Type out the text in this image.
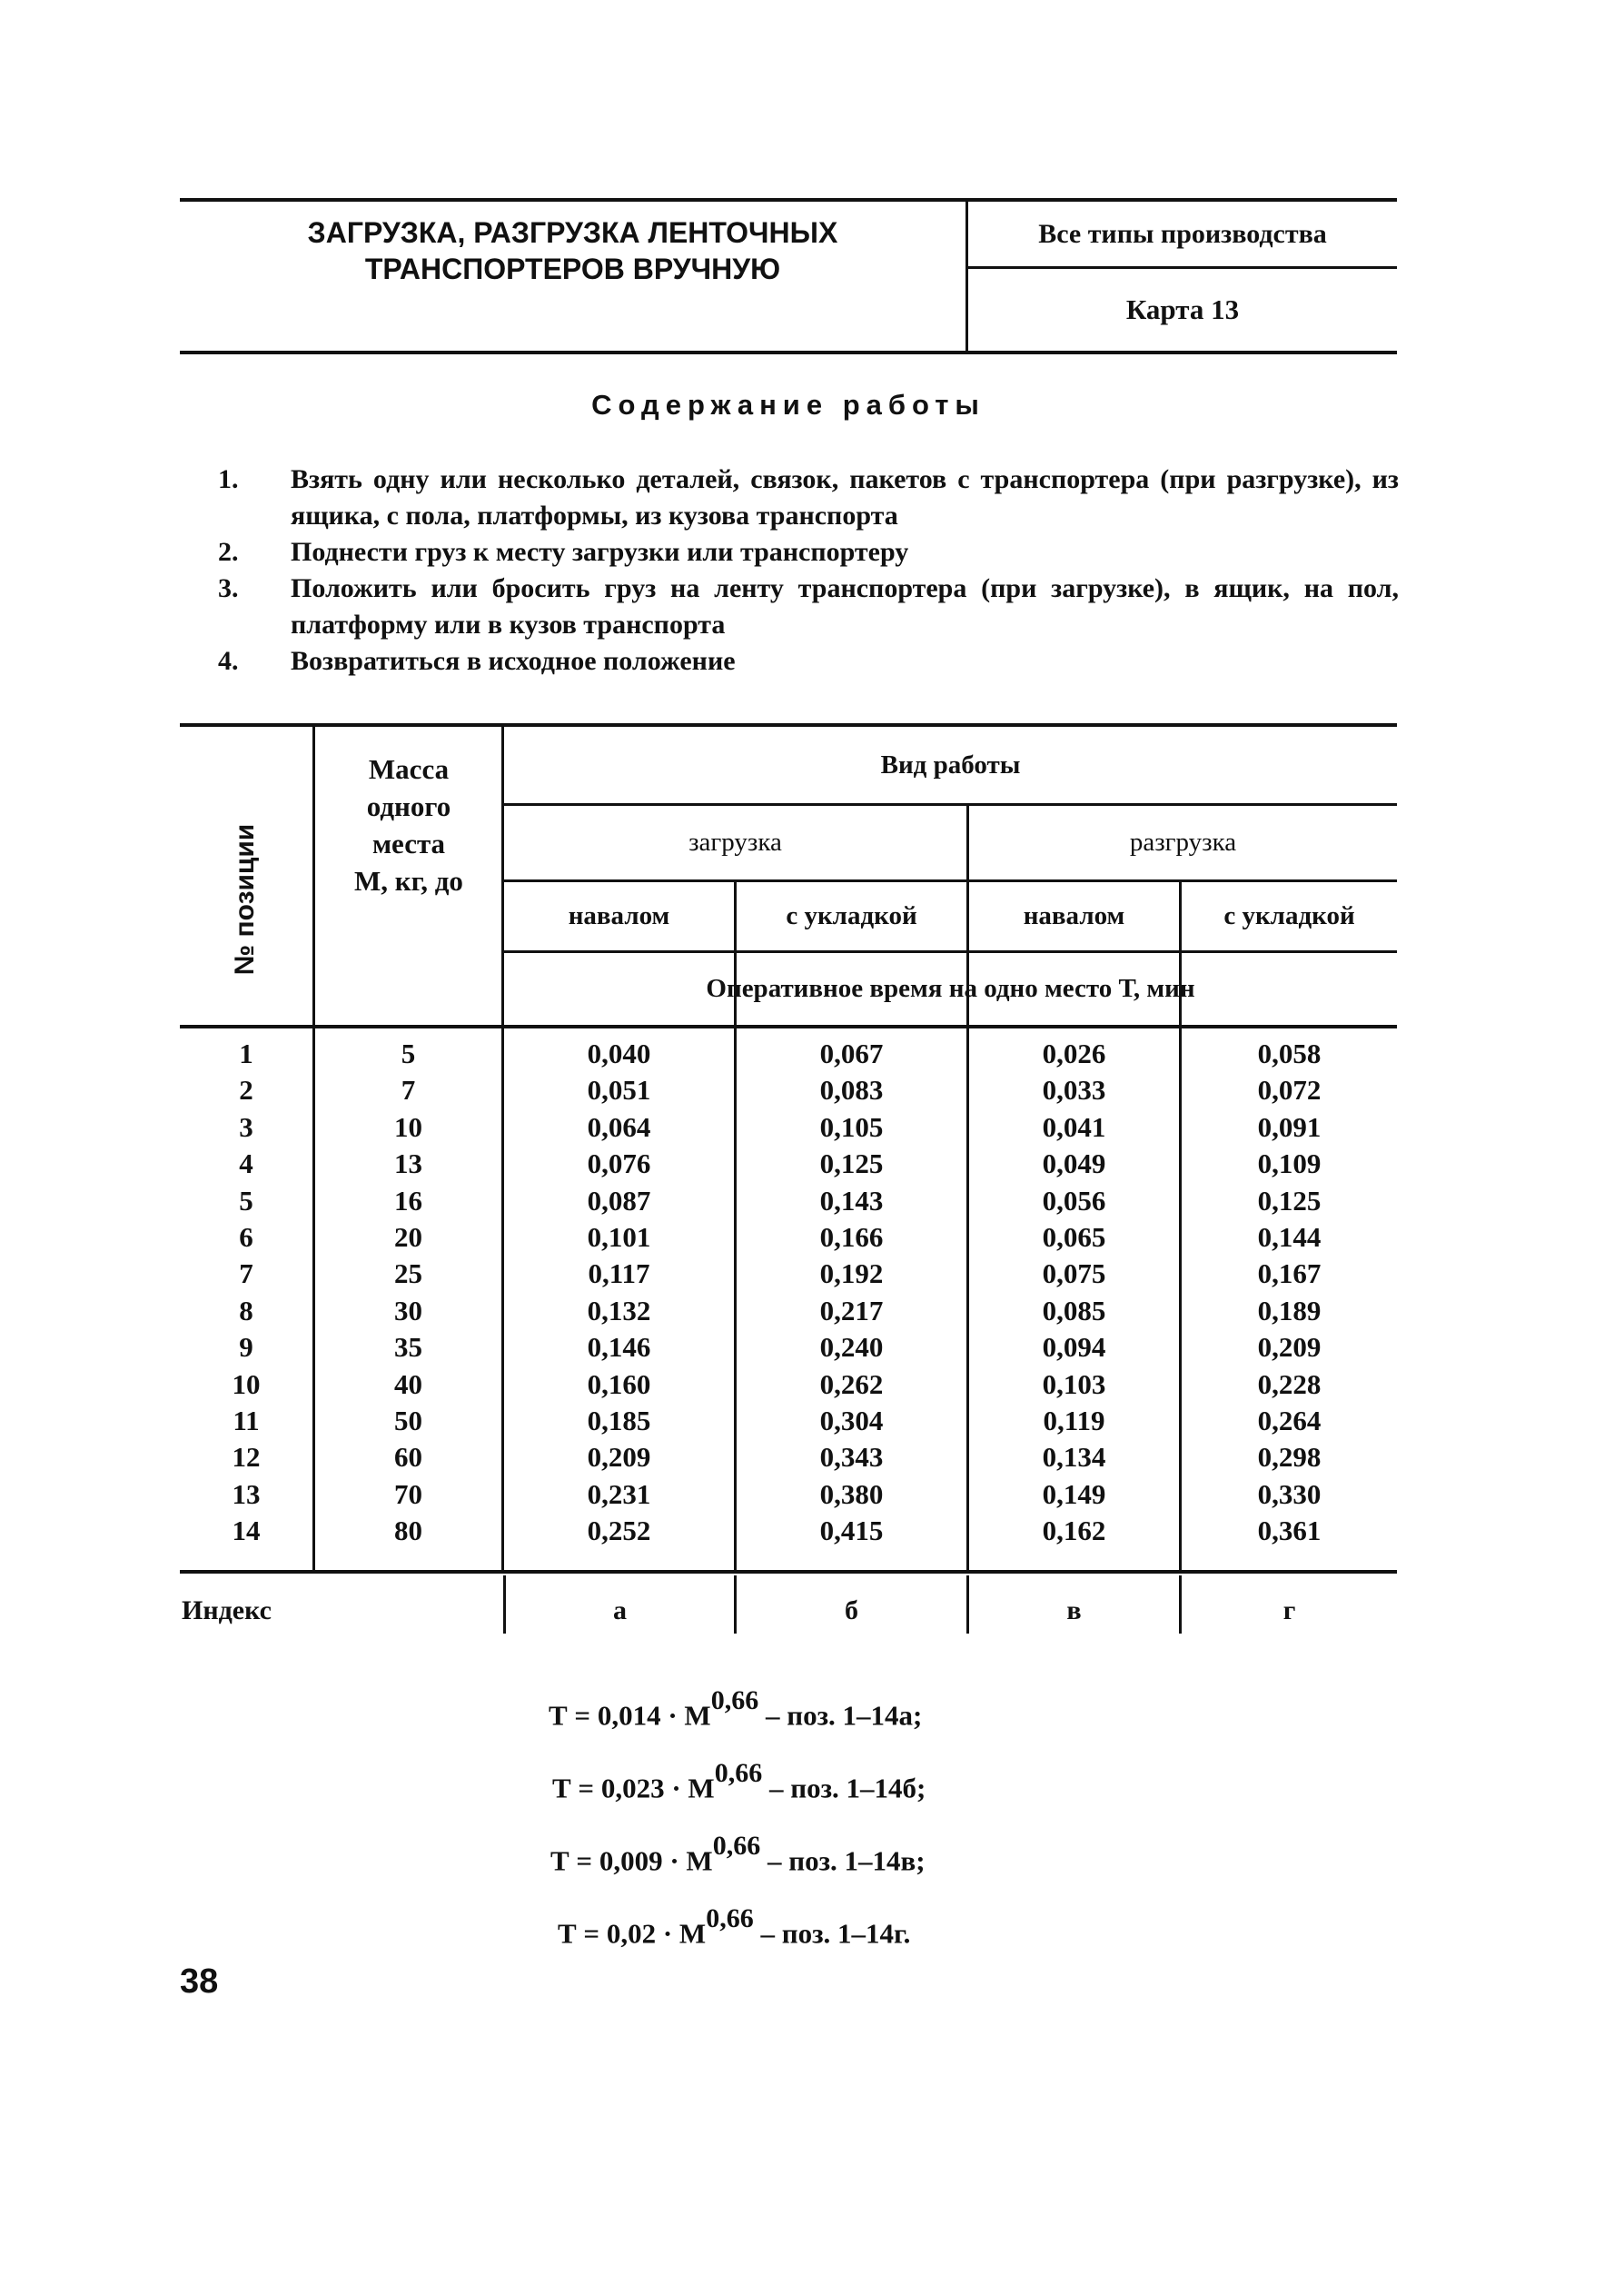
ЗАГРУЗКА, РАЗГРУЗКА ЛЕНТОЧНЫХ
ТРАНСПОРТЕРОВ ВРУЧНУЮ
Все типы производства
Карта 13
Содержание работы
1. Взять одну или несколько деталей, связок, пакетов с транспортера (при разгрузке), из ящика, с пола, платформы, из кузова транспорта
2. Поднести груз к месту загрузки или транспортеру
3. Положить или бросить груз на ленту транспортера (при загрузке), в ящик, на пол, платформу или в кузов транспорта
4. Возвратиться в исходное положение
№ позиции
Масса
одного
места
М, кг, до
Вид работы
загрузка	разгрузка
навалом	с укладкой	навалом	с укладкой
Оперативное время на одно место Т, мин
1	5	0,040	0,067	0,026	0,058
2	7	0,051	0,083	0,033	0,072
3	10	0,064	0,105	0,041	0,091
4	13	0,076	0,125	0,049	0,109
5	16	0,087	0,143	0,056	0,125
6	20	0,101	0,166	0,065	0,144
7	25	0,117	0,192	0,075	0,167
8	30	0,132	0,217	0,085	0,189
9	35	0,146	0,240	0,094	0,209
10	40	0,160	0,262	0,103	0,228
11	50	0,185	0,304	0,119	0,264
12	60	0,209	0,343	0,134	0,298
13	70	0,231	0,380	0,149	0,330
14	80	0,252	0,415	0,162	0,361
Индекс	а	б	в	г
Т = 0,014 · М$^{0,66}$ – поз. 1–14а;
Т = 0,023 · М$^{0,66}$ – поз. 1–14б;
Т = 0,009 · М$^{0,66}$ – поз. 1–14в;
Т = 0,02 · М$^{0,66}$ – поз. 1–14г.
38
